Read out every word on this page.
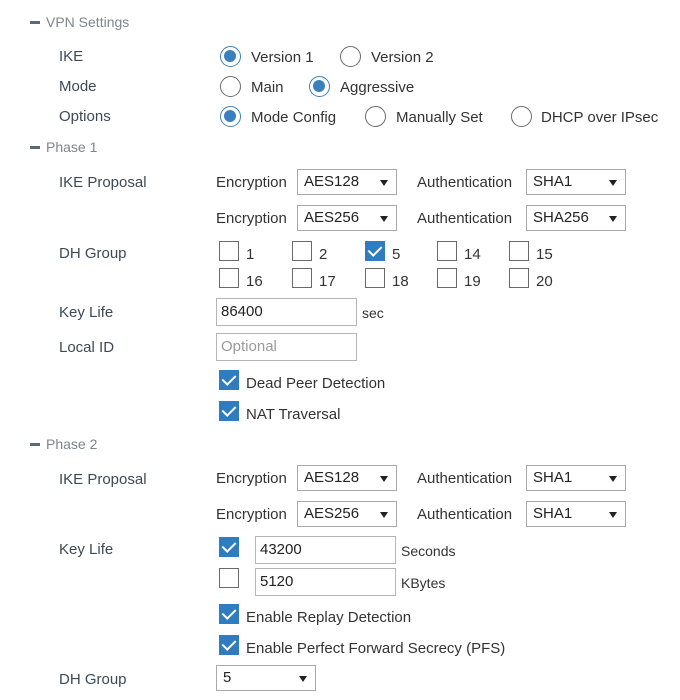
VPN Settings
IKE	Version 1	Version 2
Mode	Main	Aggressive
Options	Mode Config	Manually Set	DHCP over IPsec
Phase 1
IKE Proposal	Encryption	AES128	Authentication	SHA1
Encryption	AES256	Authentication	SHA256
DH Group	1	2	5	14	15
16	17	18	19	20
Key Life	86400	sec
Local ID	Optional
Dead Peer Detection
NAT Traversal
Phase 2
IKE Proposal	Encryption	AES128	Authentication	SHA1
Encryption	AES256	Authentication	SHA1
Key Life	43200	Seconds
5120	KBytes
Enable Replay Detection
Enable Perfect Forward Secrecy (PFS)
DH Group	5
